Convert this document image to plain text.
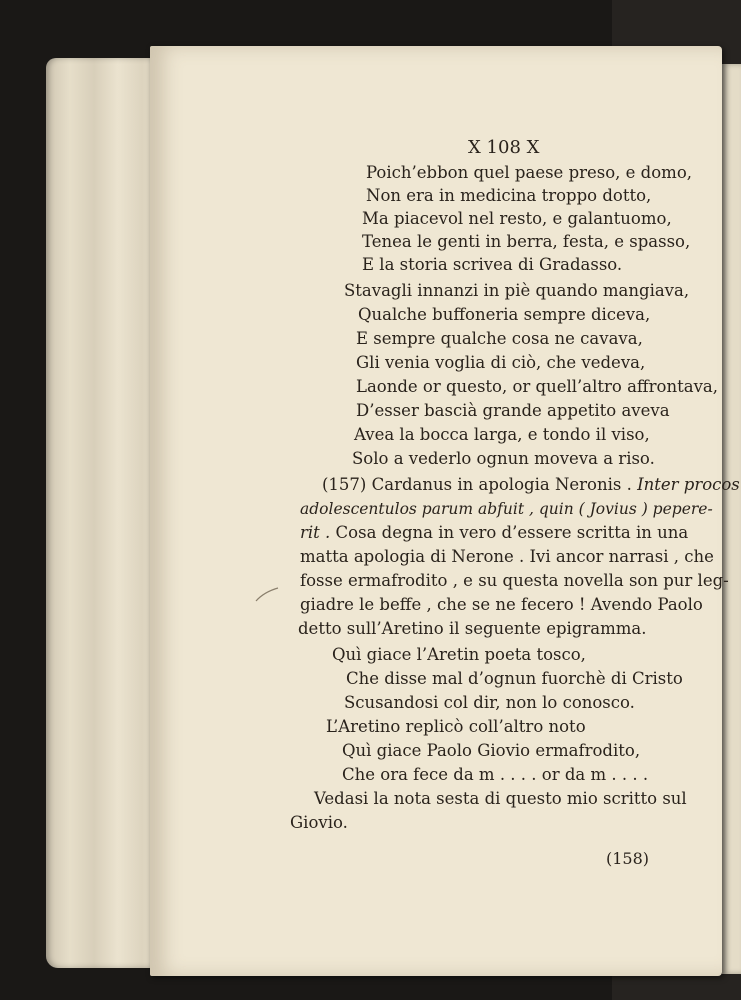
X 108 X
Poich’ebbon quel paese preso, e domo,
Non era in medicina troppo dotto,
Ma piacevol nel resto, e galantuomo,
Tenea le genti in berra, festa, e spasso,
E la storia scrivea di Gradasso.
Stavagli innanzi in piè quando mangiava,
Qualche buffoneria sempre diceva,
E sempre qualche cosa ne cavava,
Gli venia voglia di ciò, che vedeva,
Laonde or questo, or quell’altro affrontava,
D’esser bascià grande appetito aveva
Avea la bocca larga, e tondo il viso,
Solo a vederlo ognun moveva a riso.
(157) Cardanus in apologia Neronis . Inter procos
adolescentulos parum abfuit , quin ( Jovius ) pepere-
rit . Cosa degna in vero d’essere scritta in una
matta apologia di Nerone . Ivi ancor narrasi , che
fosse ermafrodito , e su questa novella son pur leg-
giadre le beffe , che se ne fecero ! Avendo Paolo
detto sull’Aretino il seguente epigramma.
Quì giace l’Aretin poeta tosco,
Che disse mal d’ognun fuorchè di Cristo
Scusandosi col dir, non lo conosco.
L’Aretino replicò coll’altro noto
Quì giace Paolo Giovio ermafrodito,
Che ora fece da m . . . . or da m . . . .
Vedasi la nota sesta di questo mio scritto sul
Giovio.
(158)
